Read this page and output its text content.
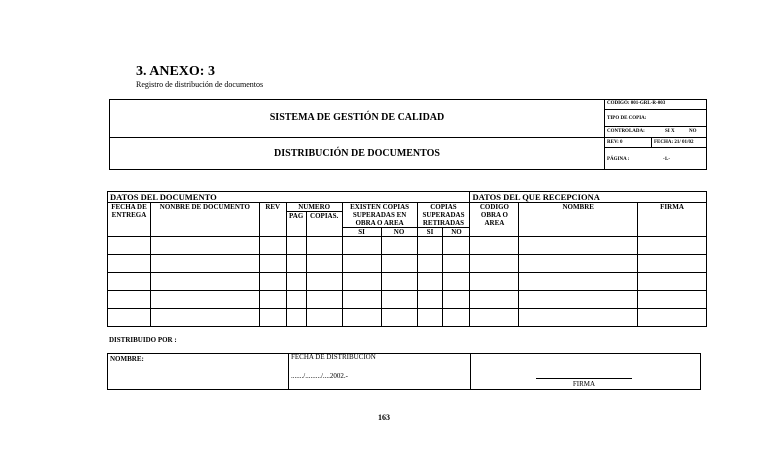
3. ANEXO: 3
Registro de distribución de documentos
SISTEMA DE GESTIÓN DE CALIDAD
DISTRIBUCIÓN DE DOCUMENTOS
CODIGO: 001-GRL-R-003
TIPO DE COPIA:
CONTROLADA:	SI X	NO
REV: 0	FECHA: 21/ 01/02
PÁGINA :	-1.-
DATOS DEL DOCUMENTO									DATOS DEL QUE RECEPCIONA		
FECHA DE ENTREGA	NONBRE DE DOCUMENTO	REV	NUMERO		EXISTEN COPIAS SUPERADAS EN OBRA O AREA		COPIAS SUPERADAS RETIRADAS		CODIGO OBRA O AREA	NOMBRE	FIRMA
			PAG	COPIAS.							
					SI	NO	SI	NO			

DISTRIBUIDO POR :
NOMBRE:	FECHA DE DISTRIBUCION
......./........./....2002.-
FIRMA
163
